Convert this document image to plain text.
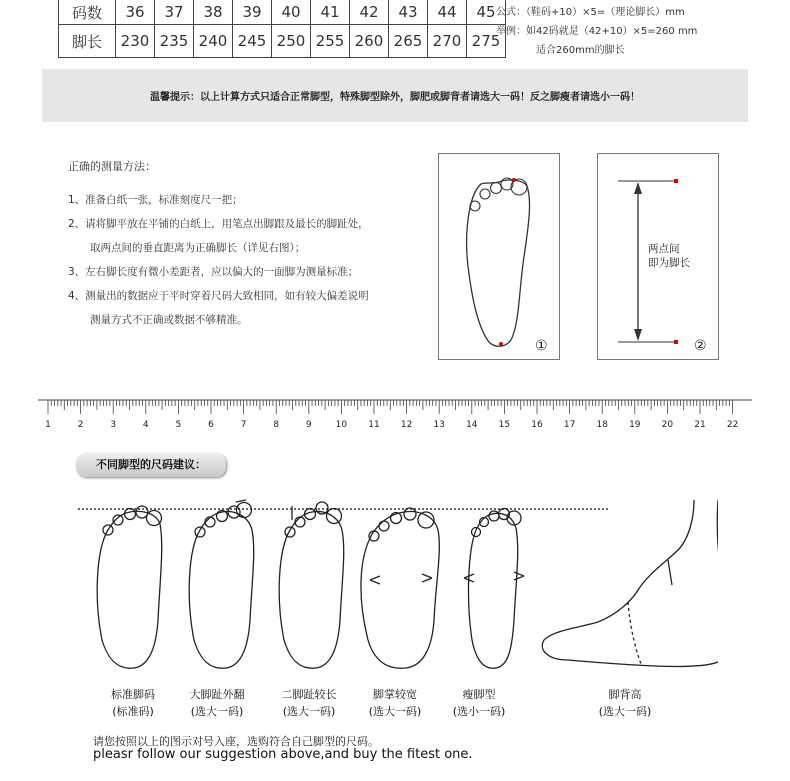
码数	36	37	38	39	40	41	42	43	44	45
脚长	230	235	240	245	250	255	260	265	270	275
公式：（鞋码+10）×5=（理论脚长）mm
举例：如42码就是（42+10）×5=260 mm
适合260mm的脚长
温馨提示：以上计算方式只适合正常脚型，特殊脚型除外，脚肥或脚背者请选大一码！反之脚瘦者请选小一码！
正确的测量方法：
1、准备白纸一张，标准刻度尺一把；
2、请将脚平放在平铺的白纸上，用笔点出脚跟及最长的脚趾处，
取两点间的垂直距离为正确脚长（详见右图）；
3、左右脚长度有微小差距者，应以偏大的一面脚为测量标准；
4、测量出的数据应于平时穿着尺码大致相同，如有较大偏差说明
测量方式不正确或数据不够精准。
①
两点间
即为脚长
②
1	2	3	4	5	6	7	8	9	10 11 12 13 14 15 16 17 18 19 20 21 22
不同脚型的尺码建议：
标准脚码
(标准码)
大脚趾外翻
(选大一码)
二脚趾较长
(选大一码)
脚掌较宽
(选大一码)
瘦脚型
(选小一码)
脚背高
(选大一码)
请您按照以上的图示对号入座，选购符合自己脚型的尺码。
pleasr follow our suggestion above,and buy the fitest one.
